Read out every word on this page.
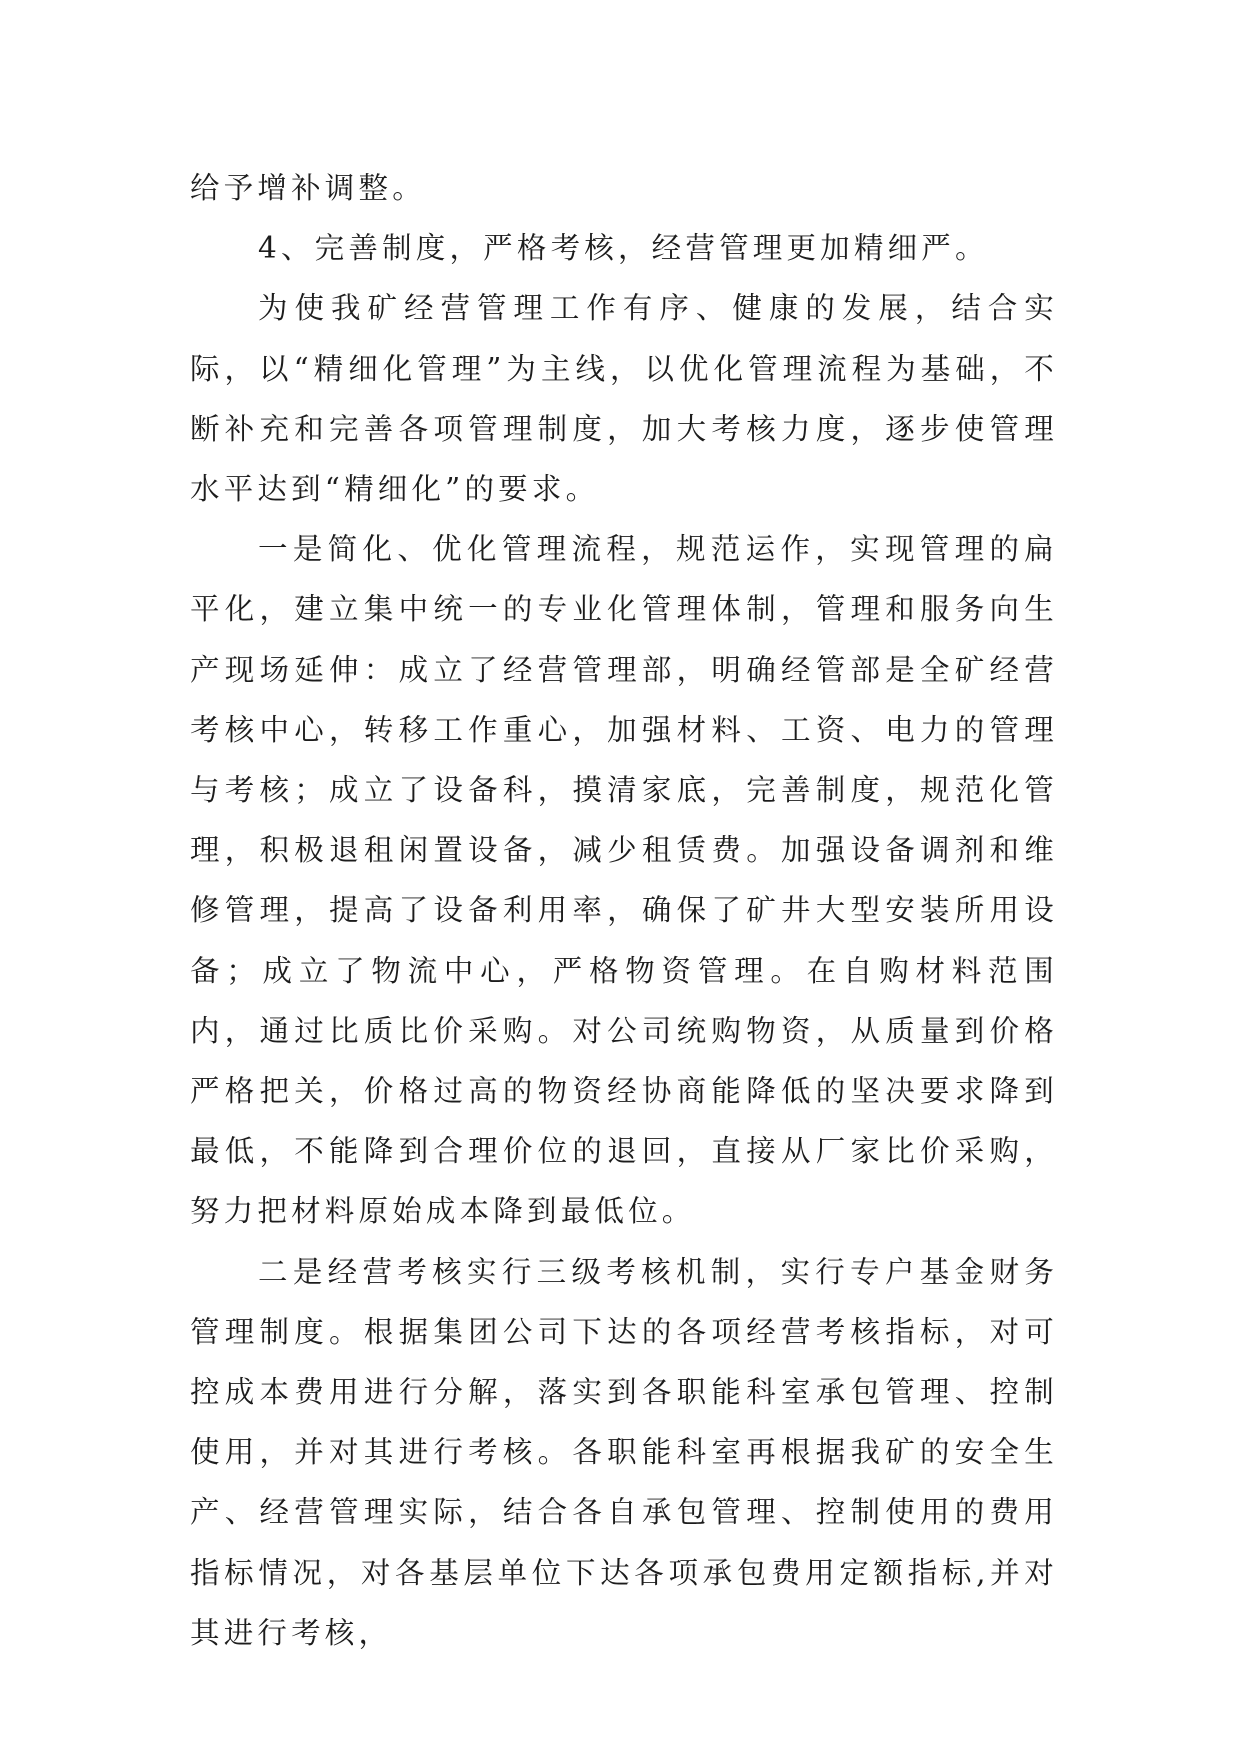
给予增补调整。

4、完善制度，严格考核，经营管理更加精细严。

为使我矿经营管理工作有序、健康的发展，结合实际，以“精细化管理”为主线，以优化管理流程为基础，不断补充和完善各项管理制度，加大考核力度，逐步使管理水平达到“精细化”的要求。

一是简化、优化管理流程，规范运作，实现管理的扁平化，建立集中统一的专业化管理体制，管理和服务向生产现场延伸：成立了经营管理部，明确经管部是全矿经营考核中心，转移工作重心，加强材料、工资、电力的管理与考核；成立了设备科，摸清家底，完善制度，规范化管理，积极退租闲置设备，减少租赁费。加强设备调剂和维修管理，提高了设备利用率，确保了矿井大型安装所用设备；成立了物流中心，严格物资管理。在自购材料范围内，通过比质比价采购。对公司统购物资，从质量到价格严格把关，价格过高的物资经协商能降低的坚决要求降到最低，不能降到合理价位的退回，直接从厂家比价采购，努力把材料原始成本降到最低位。

二是经营考核实行三级考核机制，实行专户基金财务管理制度。根据集团公司下达的各项经营考核指标，对可控成本费用进行分解，落实到各职能科室承包管理、控制使用，并对其进行考核。各职能科室再根据我矿的安全生产、经营管理实际，结合各自承包管理、控制使用的费用指标情况，对各基层单位下达各项承包费用定额指标,并对其进行考核，
